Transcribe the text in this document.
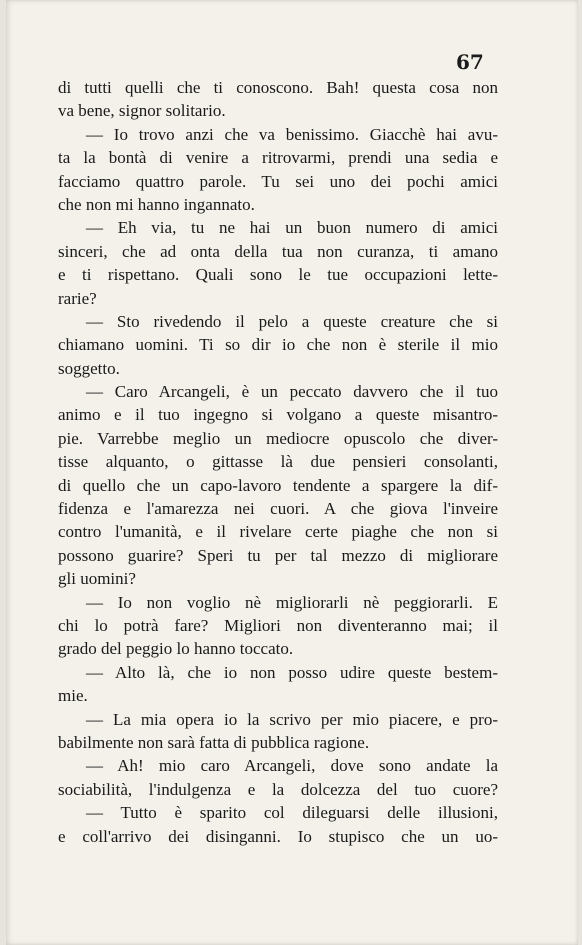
67
di tutti quelli che ti conoscono. Bah! questa cosa non
va bene, signor solitario.
— Io trovo anzi che va benissimo. Giacchè hai avu-
ta la bontà di venire a ritrovarmi, prendi una sedia e
facciamo quattro parole. Tu sei uno dei pochi amici
che non mi hanno ingannato.
— Eh via, tu ne hai un buon numero di amici
sinceri, che ad onta della tua non curanza, ti amano
e ti rispettano. Quali sono le tue occupazioni lette-
rarie?
— Sto rivedendo il pelo a queste creature che si
chiamano uomini. Ti so dir io che non è sterile il mio
soggetto.
— Caro Arcangeli, è un peccato davvero che il tuo
animo e il tuo ingegno si volgano a queste misantro-
pie. Varrebbe meglio un mediocre opuscolo che diver-
tisse alquanto, o gittasse là due pensieri consolanti,
di quello che un capo-lavoro tendente a spargere la dif-
fidenza e l'amarezza nei cuori. A che giova l'inveire
contro l'umanità, e il rivelare certe piaghe che non si
possono guarire? Speri tu per tal mezzo di migliorare
gli uomini?
— Io non voglio nè migliorarli nè peggiorarli. E
chi lo potrà fare? Migliori non diventeranno mai; il
grado del peggio lo hanno toccato.
— Alto là, che io non posso udire queste bestem-
mie.
— La mia opera io la scrivo per mio piacere, e pro-
babilmente non sarà fatta di pubblica ragione.
— Ah! mio caro Arcangeli, dove sono andate la
sociabilità, l'indulgenza e la dolcezza del tuo cuore?
— Tutto è sparito col dileguarsi delle illusioni,
e coll'arrivo dei disinganni. Io stupisco che un uo-
